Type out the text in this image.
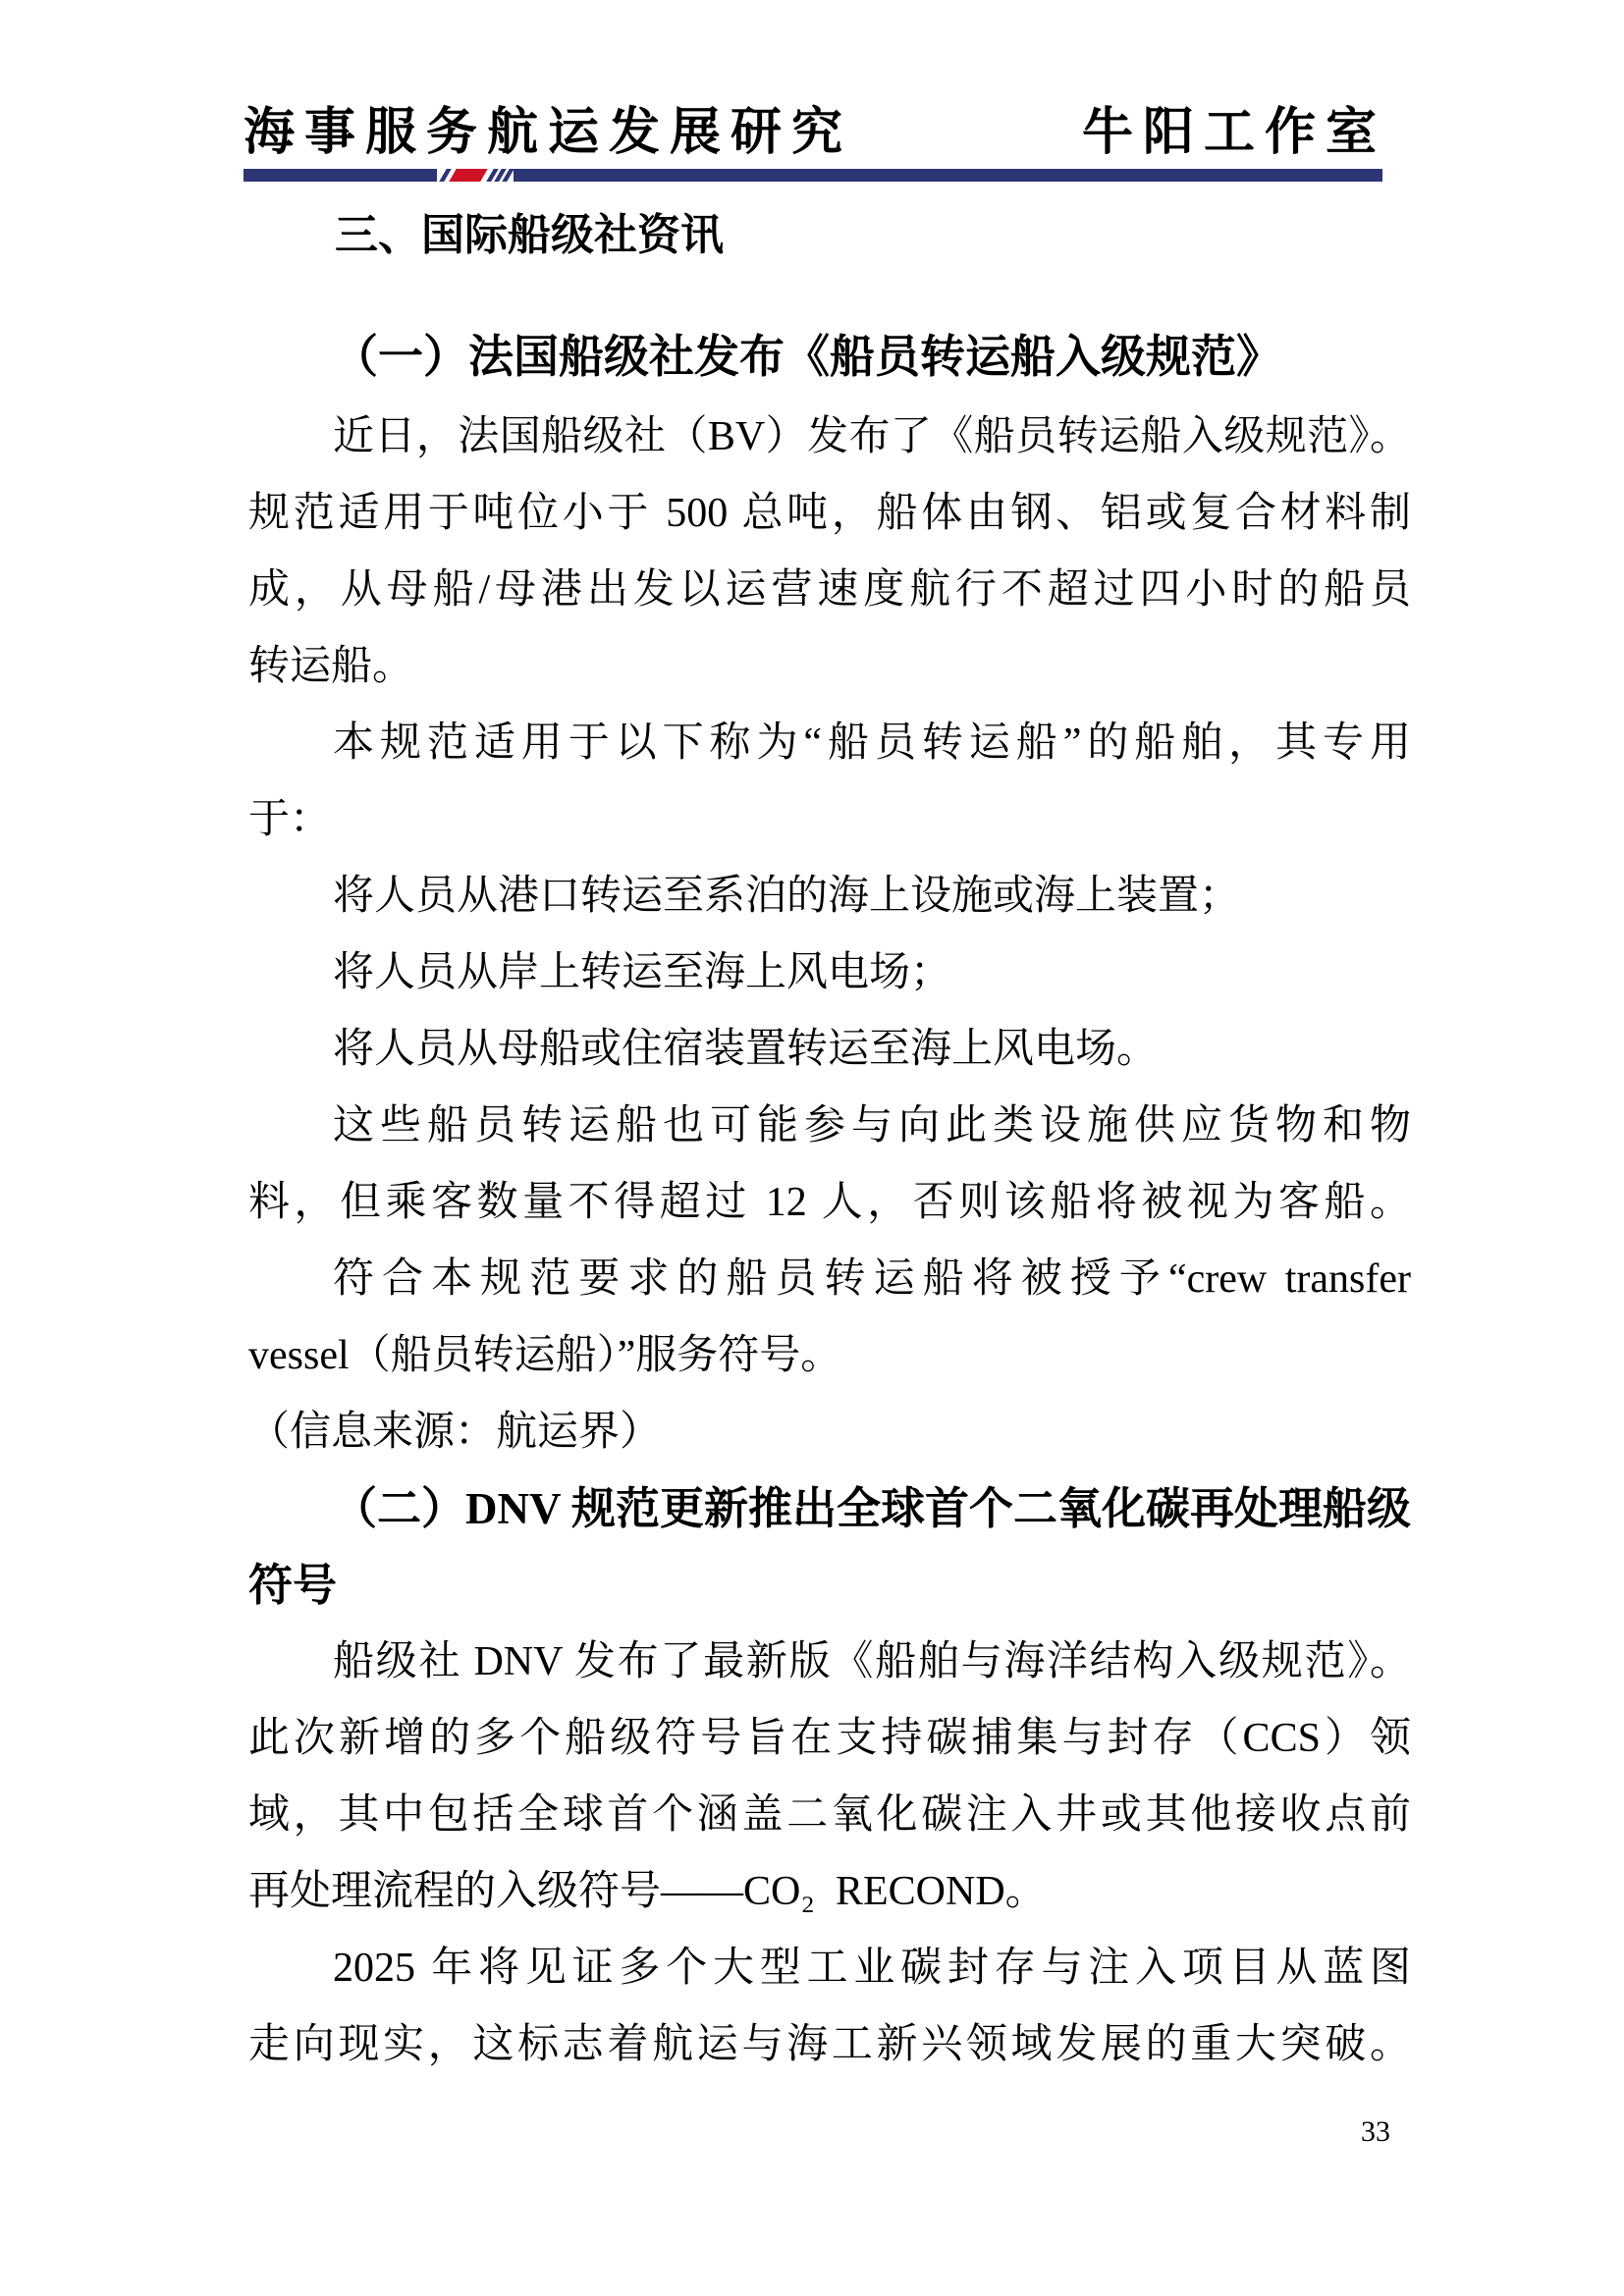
海事服务航运发展研究	牛阳工作室
三、国际船级社资讯
（一）法国船级社发布《船员转运船入级规范》
近日，法国船级社（BV）发布了《船员转运船入级规范》。
规范适用于吨位小于 500 总吨，船体由钢、铝或复合材料制
成，从母船/母港出发以运营速度航行不超过四小时的船员
转运船。
本规范适用于以下称为“船员转运船”的船舶，其专用
于：
将人员从港口转运至系泊的海上设施或海上装置；
将人员从岸上转运至海上风电场；
将人员从母船或住宿装置转运至海上风电场。
这些船员转运船也可能参与向此类设施供应货物和物
料，但乘客数量不得超过 12 人，否则该船将被视为客船。
符合本规范要求的船员转运船将被授予“crew transfer
vessel（船员转运船）”服务符号。
（信息来源：航运界）
（二）DNV 规范更新推出全球首个二氧化碳再处理船级
符号
船级社 DNV 发布了最新版《船舶与海洋结构入级规范》。
此次新增的多个船级符号旨在支持碳捕集与封存（CCS）领
域，其中包括全球首个涵盖二氧化碳注入井或其他接收点前
再处理流程的入级符号——CO₂  RECOND。
2025 年将见证多个大型工业碳封存与注入项目从蓝图
走向现实，这标志着航运与海工新兴领域发展的重大突破。
33
